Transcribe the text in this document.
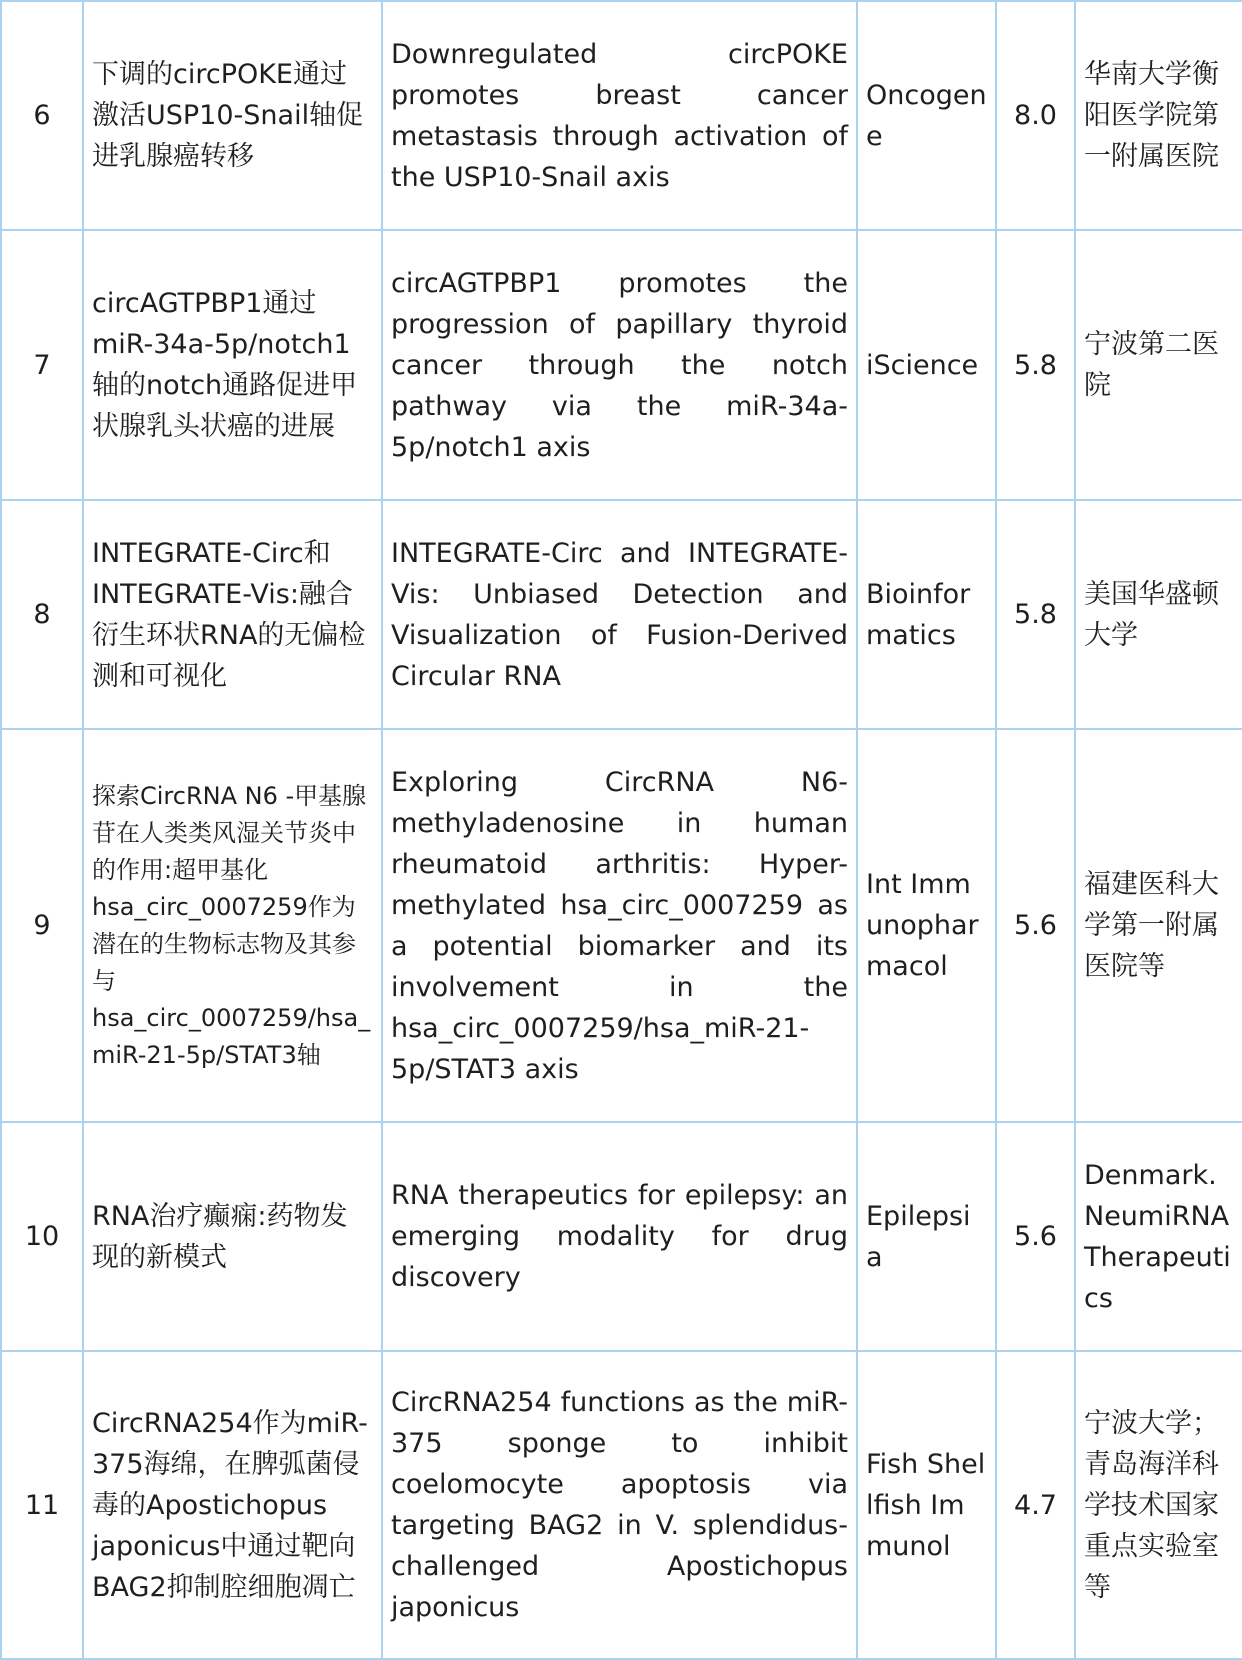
6	下调的circPOKE通过激活USP10-Snail轴促进乳腺癌转移	Downregulated circPOKE promotes breast cancer metastasis through activation of the USP10-Snail axis	Oncogene	8.0	华南大学衡阳医学院第一附属医院
7	circAGTPBP1通过miR-34a-5p/notch1轴的notch通路促进甲状腺乳头状癌的进展	circAGTPBP1 promotes the progression of papillary thyroid cancer through the notch pathway via the miR-34a-5p/notch1 axis	iScience	5.8	宁波第二医院
8	INTEGRATE-Circ和INTEGRATE-Vis:融合衍生环状RNA的无偏检测和可视化	INTEGRATE-Circ and INTEGRATE-Vis: Unbiased Detection and Visualization of Fusion-Derived Circular RNA	Bioinformatics	5.8	美国华盛顿大学
9	探索CircRNA N6 -甲基腺苷在人类类风湿关节炎中的作用:超甲基化hsa_circ_0007259作为潜在的生物标志物及其参与hsa_circ_0007259/hsa_miR-21-5p/STAT3轴	Exploring CircRNA N6-methyladenosine in human rheumatoid arthritis: Hyper-methylated hsa_circ_0007259 as a potential biomarker and its involvement in the hsa_circ_0007259/hsa_miR-21-5p/STAT3 axis	Int Immunopharmacol	5.6	福建医科大学第一附属医院等
10	RNA治疗癫痫:药物发现的新模式	RNA therapeutics for epilepsy: an emerging modality for drug discovery	Epilepsia	5.6	Denmark. NeumiRNA Therapeutics
11	CircRNA254作为miR-375海绵，在脾弧菌侵毒的Apostichopus japonicus中通过靶向BAG2抑制腔细胞凋亡	CircRNA254 functions as the miR-375 sponge to inhibit coelomocyte apoptosis via targeting BAG2 in V. splendidus-challenged Apostichopus japonicus	Fish Shellfish Immunol	4.7	宁波大学；青岛海洋科学技术国家重点实验室等
